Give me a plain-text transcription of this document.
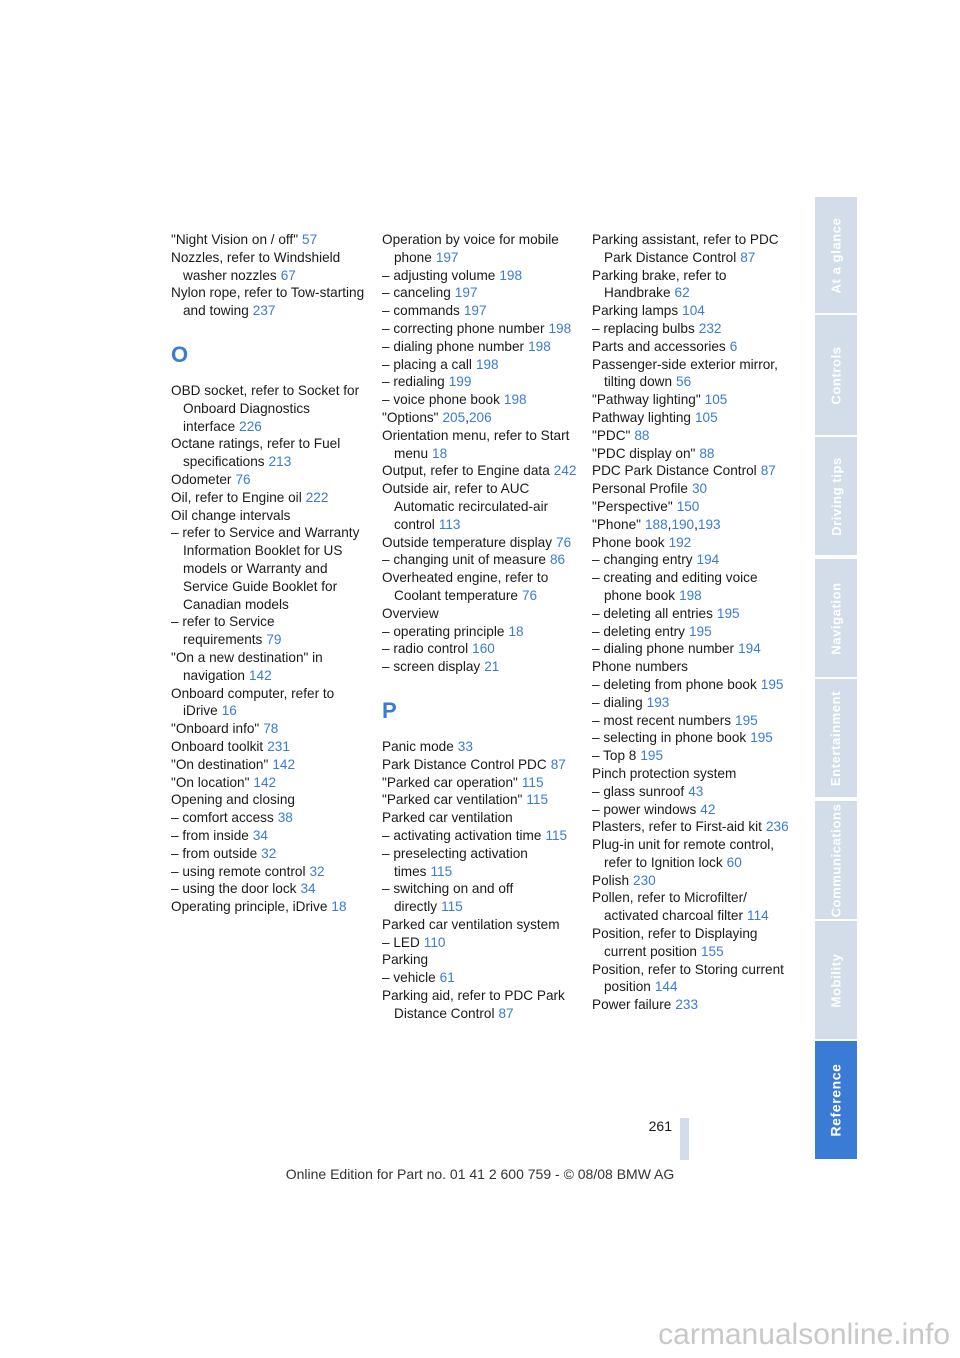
"Night Vision on / off" 57

Nozzles, refer to Windshield washer nozzles 67

Nylon rope, refer to Tow-starting and towing 237

O

OBD socket, refer to Socket for Onboard Diagnostics interface 226

Octane ratings, refer to Fuel specifications 213

Odometer 76

Oil, refer to Engine oil 222

Oil change intervals

– refer to Service and Warranty Information Booklet for US models or Warranty and Service Guide Booklet for Canadian models

– refer to Service requirements 79

"On a new destination" in navigation 142

Onboard computer, refer to iDrive 16

"Onboard info" 78

Onboard toolkit 231

"On destination" 142

"On location" 142

Opening and closing

– comfort access 38

– from inside 34

– from outside 32

– using remote control 32

– using the door lock 34

Operating principle, iDrive 18

Operation by voice for mobile phone 197

– adjusting volume 198

– canceling 197

– commands 197

– correcting phone number 198

– dialing phone number 198

– placing a call 198

– redialing 199

– voice phone book 198

"Options" 205,206

Orientation menu, refer to Start menu 18

Output, refer to Engine data 242

Outside air, refer to AUC Automatic recirculated-air control 113

Outside temperature display 76

– changing unit of measure 86

Overheated engine, refer to Coolant temperature 76

Overview

– operating principle 18

– radio control 160

– screen display 21

P

Panic mode 33

Park Distance Control PDC 87

"Parked car operation" 115

"Parked car ventilation" 115

Parked car ventilation

– activating activation time 115

– preselecting activation times 115

– switching on and off directly 115

Parked car ventilation system

– LED 110

Parking

– vehicle 61

Parking aid, refer to PDC Park Distance Control 87

Parking assistant, refer to PDC Park Distance Control 87

Parking brake, refer to Handbrake 62

Parking lamps 104

– replacing bulbs 232

Parts and accessories 6

Passenger-side exterior mirror, tilting down 56

"Pathway lighting" 105

Pathway lighting 105

"PDC" 88

"PDC display on" 88

PDC Park Distance Control 87

Personal Profile 30

"Perspective" 150

"Phone" 188,190,193

Phone book 192

– changing entry 194

– creating and editing voice phone book 198

– deleting all entries 195

– deleting entry 195

– dialing phone number 194

Phone numbers

– deleting from phone book 195

– dialing 193

– most recent numbers 195

– selecting in phone book 195

– Top 8 195

Pinch protection system

– glass sunroof 43

– power windows 42

Plasters, refer to First-aid kit 236

Plug-in unit for remote control, refer to Ignition lock 60

Polish 230

Pollen, refer to Microfilter/ activated charcoal filter 114

Position, refer to Displaying current position 155

Position, refer to Storing current position 144

Power failure 233

At a glance
Controls
Driving tips
Navigation
Entertainment
Communications
Mobility
Reference
261
Online Edition for Part no. 01 41 2 600 759 - © 08/08 BMW AG
carmanualsonline.info
